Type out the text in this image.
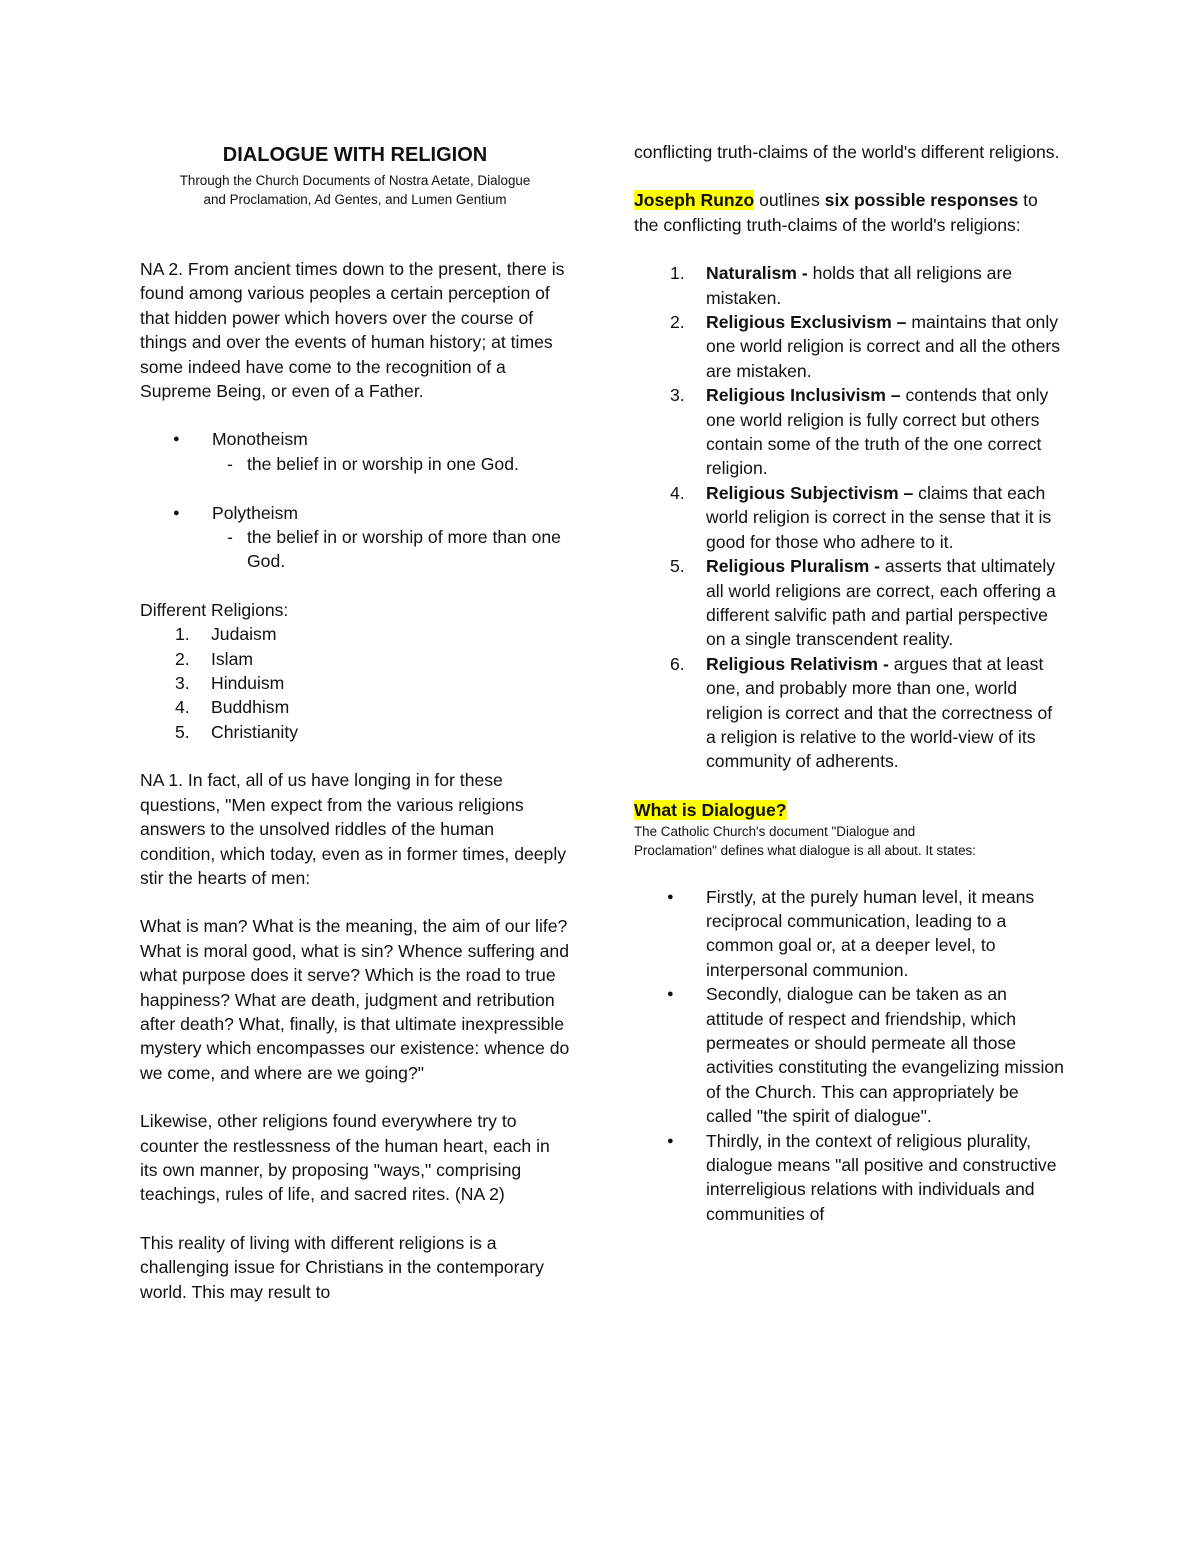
DIALOGUE WITH RELIGION
Through the Church Documents of Nostra Aetate, Dialogue
and Proclamation, Ad Gentes, and Lumen Gentium

NA 2. From ancient times down to the present, there is found among various peoples a certain perception of that hidden power which hovers over the course of things and over the events of human history; at times some indeed have come to the recognition of a Supreme Being, or even of a Father.

● Monotheism
- the belief in or worship in one God.
● Polytheism
- the belief in or worship of more than one God.

Different Religions:

1. Judaism
2. Islam
3. Hinduism
4. Buddhism
5. Christianity

NA 1. In fact, all of us have longing in for these questions, "Men expect from the various religions answers to the unsolved riddles of the human condition, which today, even as in former times, deeply stir the hearts of men:

What is man? What is the meaning, the aim of our life? What is moral good, what is sin? Whence suffering and what purpose does it serve? Which is the road to true happiness? What are death, judgment and retribution after death? What, finally, is that ultimate inexpressible mystery which encompasses our existence: whence do we come, and where are we going?"

Likewise, other religions found everywhere try to counter the restlessness of the human heart, each in its own manner, by proposing "ways," comprising teachings, rules of life, and sacred rites. (NA 2)

This reality of living with different religions is a challenging issue for Christians in the contemporary world. This may result to

conflicting truth-claims of the world's different religions.

Joseph Runzo outlines six possible responses to the conflicting truth-claims of the world's religions:

1. Naturalism - holds that all religions are mistaken.
2. Religious Exclusivism – maintains that only one world religion is correct and all the others are mistaken.
3. Religious Inclusivism – contends that only one world religion is fully correct but others contain some of the truth of the one correct religion.
4. Religious Subjectivism – claims that each world religion is correct in the sense that it is good for those who adhere to it.
5. Religious Pluralism - asserts that ultimately all world religions are correct, each offering a different salvific path and partial perspective on a single transcendent reality.
6. Religious Relativism - argues that at least one, and probably more than one, world religion is correct and that the correctness of a religion is relative to the world-view of its community of adherents.

What is Dialogue?

The Catholic Church's document "Dialogue and
Proclamation" defines what dialogue is all about. It states:
● Firstly, at the purely human level, it means reciprocal communication, leading to a common goal or, at a deeper level, to interpersonal communion.
● Secondly, dialogue can be taken as an attitude of respect and friendship, which permeates or should permeate all those activities constituting the evangelizing mission of the Church. This can appropriately be called "the spirit of dialogue".
● Thirdly, in the context of religious plurality, dialogue means "all positive and constructive interreligious relations with individuals and communities of
